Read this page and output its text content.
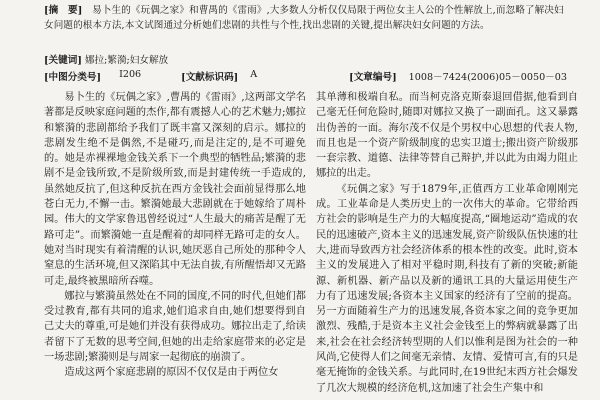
[摘　要]　 易卜生的《玩偶之家》和曹禺的《雷雨》,大多数人分析仅仅局限于两位女主人公的个性解放上,而忽略了解决妇女问题的根本方法,本文试图通过分析她们悲剧的共性与个性,找出悲剧的关键,提出解决妇女问题的方法。

[关键词] 娜拉;繁漪;妇女解放
[中图分类号] I206	[文献标识码] A	[文章编号] 1008－7424(2006)05－0050－03

易卜生的《玩偶之家》,曹禺的《雷雨》,这两部文学名著都是反映家庭问题的杰作,都有震撼人心的艺术魅力;娜拉和繁漪的悲剧都给予我们了既丰富又深刻的启示。娜拉的悲剧发生绝不是偶然,不是碰巧,而是注定的,是不可避免的。她是赤裸裸地金钱关系下一个典型的牺牲品;繁漪的悲剧不是金钱所致,不是阶级所致,而是封建传统一手造成的,虽然她反抗了,但这种反抗在西方金钱社会面前显得那么地苍白无力,不懈一击。繁漪她最大悲剧就在于她嫁给了周朴园。伟大的文学家鲁迅曾经说过“人生最大的痛苦是醒了无路可走”。而繁漪她一直是醒着的却同样无路可走的女人。她对当时现实有着清醒的认识,她厌恶自己所处的那种令人窒息的生活环境,但又深陷其中无法自拔,有所醒悟却又无路可走,最终被黑暗所吞噬。

娜拉与繁漪虽然处在不同的国度,不同的时代,但她们都受过教育,都有共同的追求,她们追求自由,她们想要得到自己丈夫的尊重,可是她们并没有获得成功。娜拉出走了,给读者留下了无数的思考空间,但她的出走给家庭带来的必定是一场悲剧;繁漪则是与周家一起彻底的崩溃了。

造成这两个家庭悲剧的原因不仅仅是由于两位女

其单薄和极端自私。而当柯克洛克斯泰退回借据,他看到自己毫无任何危险时,随即对娜拉又换了一副面孔。这又暴露出伪善的一面。海尔茂不仅是个男权中心思想的代表人物,而且也是一个资产阶级制度的忠实卫道士;搬出资产阶级那一套宗教、道德、法律等替自己辩护,并以此为由竭力阻止娜拉的出走。

《玩偶之家》写于1879年,正值西方工业革命刚刚完成。工业革命是人类历史上的一次伟大的革命。它带给西方社会的影响是生产力的大幅度提高,“圈地运动”造成的农民的迅速破产,资本主义的迅速发展,资产阶级队伍快速的壮大,进而导致西方社会经济体系的根本性的改变。此时,资本主义的发展进入了相对平稳时期,科技有了新的突破;新能源、新机器、新产品以及新的通讯工具的大量运用使生产力有了迅速发展;各资本主义国家的经济有了空前的提高。另一方面随着生产力的迅速发展,各资本家之间的竞争更加激烈、残酷,于是资本主义社会金钱至上的弊病就暴露了出来,社会在社会经济转型期的人们以惟利是图为社会的一种风尚,它使得人们之间毫无亲情、友情、爱情可言,有的只是毫无掩饰的金钱关系。与此同时,在19世纪末西方社会爆发了几次大规模的经济危机,这加速了社会生产集中和
